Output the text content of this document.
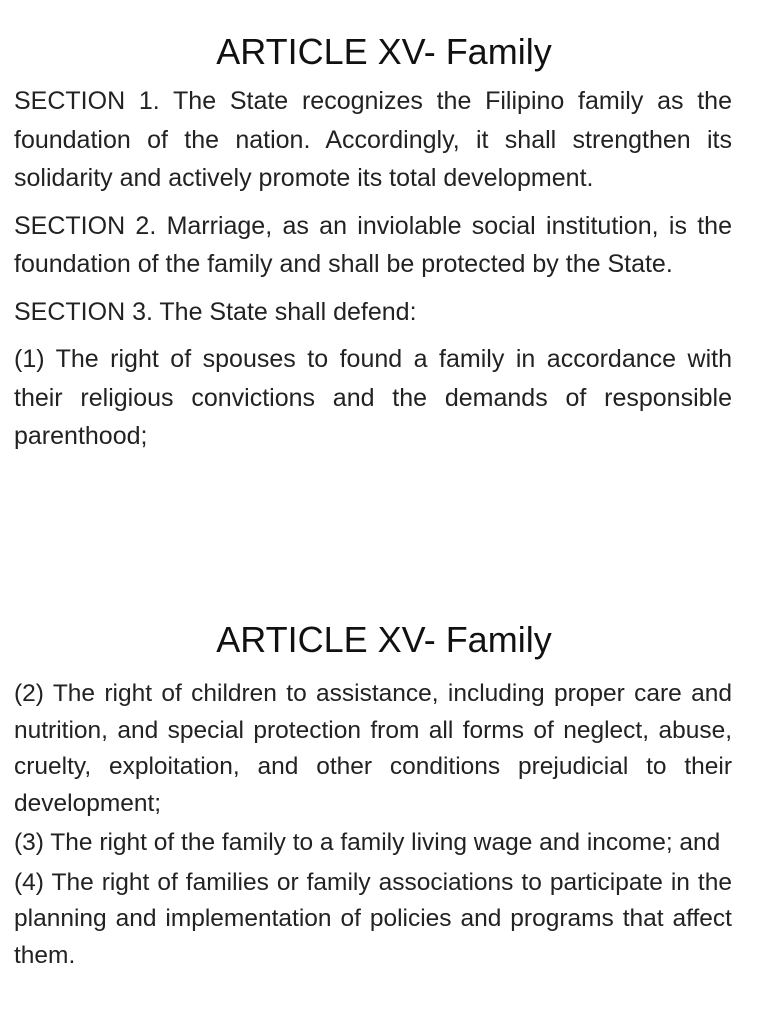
ARTICLE XV- Family

SECTION 1. The State recognizes the Filipino family as the foundation of the nation. Accordingly, it shall strengthen its solidarity and actively promote its total development.

SECTION 2. Marriage, as an inviolable social institution, is the foundation of the family and shall be protected by the State.

SECTION 3. The State shall defend:

(1) The right of spouses to found a family in accordance with their religious convictions and the demands of responsible parenthood;

ARTICLE XV- Family

(2) The right of children to assistance, including proper care and nutrition, and special protection from all forms of neglect, abuse, cruelty, exploitation, and other conditions prejudicial to their development;

(3) The right of the family to a family living wage and income; and

(4) The right of families or family associations to participate in the planning and implementation of policies and programs that affect them.
